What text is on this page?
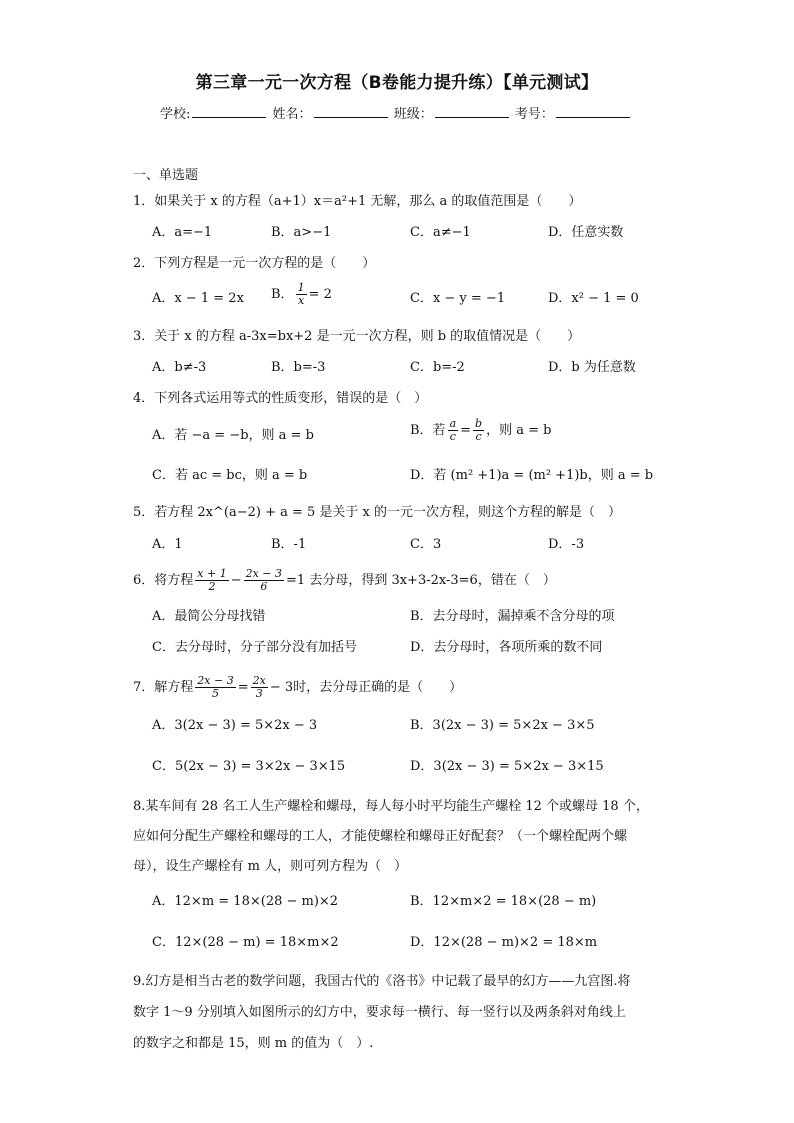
第三章一元一次方程（B卷能力提升练）【单元测试】
学校:	姓名：	班级：	考号：
一、单选题
1．如果关于 x 的方程（a+1）x＝a²+1 无解，那么 a 的取值范围是（　　）
A．a=−1	B．a>−1	C．a≠−1	D．任意实数
2．下列方程是一元一次方程的是（　　）
A．x − 1 = 2x B． $\frac{1}{x} = 2$	C．x − y = −1	D．x² − 1 = 0
3．关于 x 的方程 a-3x=bx+2 是一元一次方程，则 b 的取值情况是（　　）
A．b≠-3	B．b=-3	C．b=-2	D．b 为任意数
4．下列各式运用等式的性质变形，错误的是（　）
A．若 −a = −b，则 a = b	B．若 $\frac{a}{c} = \frac{b}{c}$ ，则 a = b
C．若 ac = bc，则 a = b	D．若 (m² +1)a = (m² +1)b，则 a = b
5．若方程 2x^(a−2) + a = 5 是关于 x 的一元一次方程，则这个方程的解是（　）
A．1	B．-1	C．3	D．-3
6．将方程 $\frac{x + 1}{2} - \frac{2x - 3}{6} =1$ 去分母，得到 3x+3-2x-3=6，错在（　）
A．最简公分母找错	B．去分母时，漏掉乘不含分母的项
C．去分母时，分子部分没有加括号	D．去分母时，各项所乘的数不同
7．解方程 $\frac{2x - 3}{5} = \frac{2x}{3} - 3$时，去分母正确的是（　　）
A．3(2x − 3) = 5×2x − 3	B．3(2x − 3) = 5×2x − 3×5
C．5(2x − 3) = 3×2x − 3×15	D．3(2x − 3) = 5×2x − 3×15
8.某车间有 28 名工人生产螺栓和螺母，每人每小时平均能生产螺栓 12 个或螺母 18 个，
应如何分配生产螺栓和螺母的工人，才能使螺栓和螺母正好配套？（一个螺栓配两个螺
母），设生产螺栓有 m 人，则可列方程为（　）
A．12×m = 18×(28 − m)×2	B．12×m×2 = 18×(28 − m)
C．12×(28 − m) = 18×m×2	D．12×(28 − m)×2 = 18×m
9.幻方是相当古老的数学问题，我国古代的《洛书》中记载了最早的幻方——九宫图.将
数字 1～9 分别填入如图所示的幻方中，要求每一横行、每一竖行以及两条斜对角线上
的数字之和都是 15，则 m 的值为（　）.
